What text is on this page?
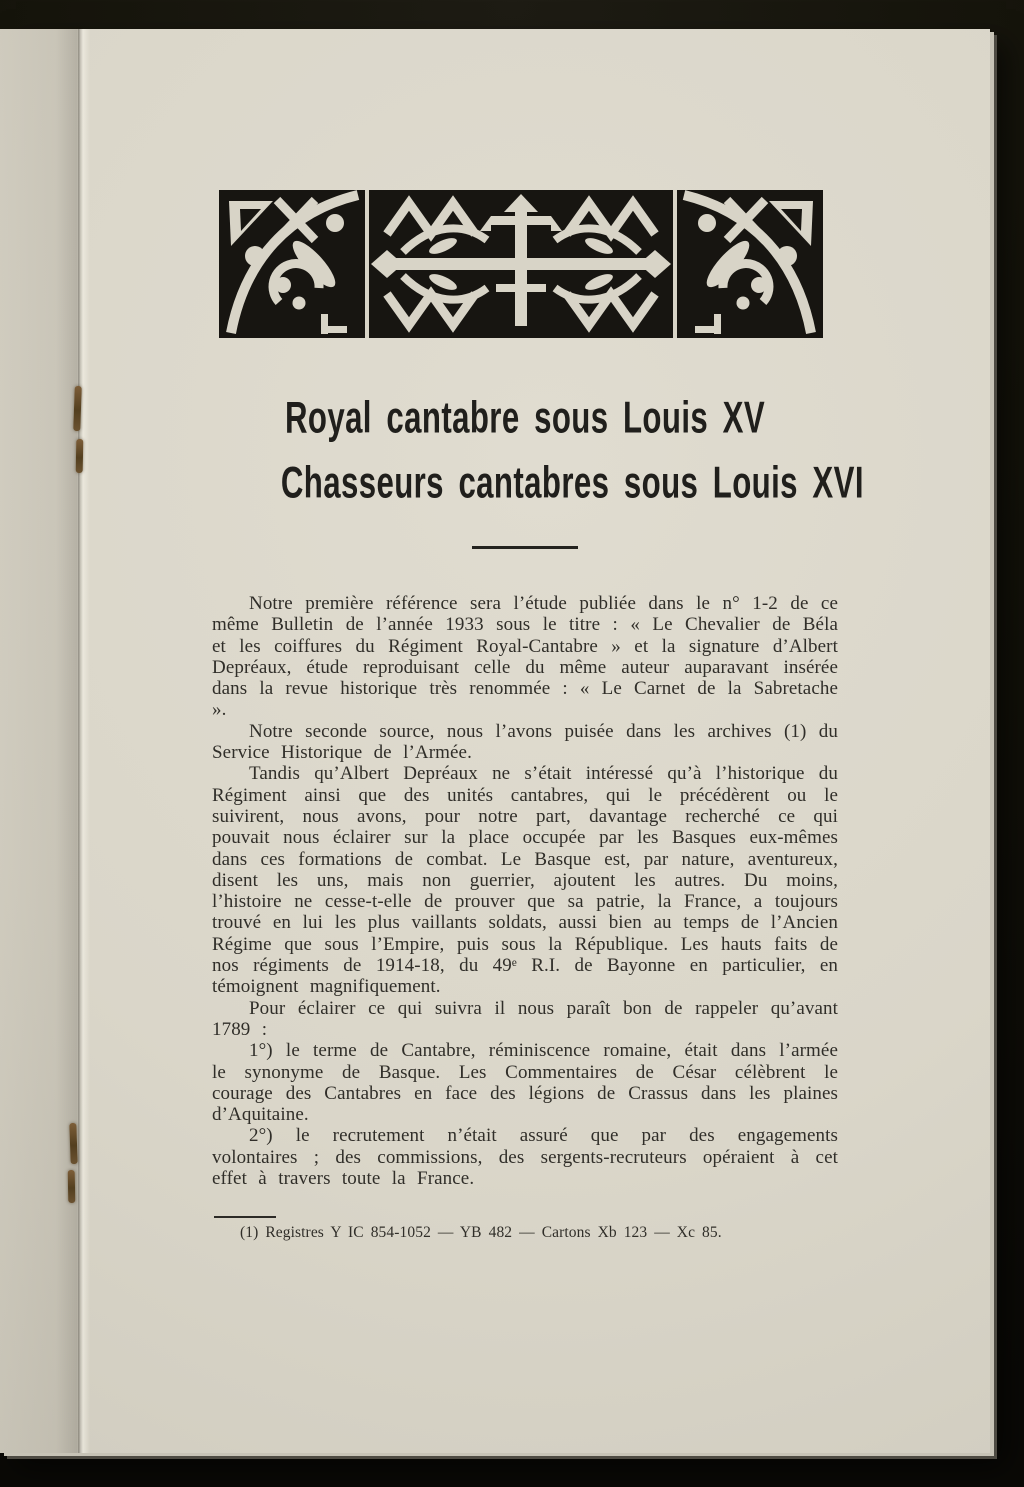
Royal cantabre sous Louis XV
Chasseurs cantabres sous Louis XVI

Notre première référence sera l’étude publiée dans le n° 1-2 de ce même Bulletin de l’année 1933 sous le titre : « Le Chevalier de Béla et les coiffures du Régiment Royal-Cantabre » et la signature d’Albert Depréaux, étude reproduisant celle du même auteur auparavant insérée dans la revue historique très renommée : « Le Carnet de la Sabretache ».

Notre seconde source, nous l’avons puisée dans les archives (1) du Service Historique de l’Armée.

Tandis qu’Albert Depréaux ne s’était intéressé qu’à l’historique du Régiment ainsi que des unités cantabres, qui le précédèrent ou le suivirent, nous avons, pour notre part, davantage recherché ce qui pouvait nous éclairer sur la place occupée par les Basques eux-mêmes dans ces formations de combat. Le Basque est, par nature, aventureux, disent les uns, mais non guerrier, ajoutent les autres. Du moins, l’histoire ne cesse-t-elle de prouver que sa patrie, la France, a toujours trouvé en lui les plus vaillants soldats, aussi bien au temps de l’Ancien Régime que sous l’Empire, puis sous la République. Les hauts faits de nos régiments de 1914-18, du 49ᵉ R.I. de Bayonne en particulier, en témoignent magnifiquement.

Pour éclairer ce qui suivra il nous paraît bon de rappeler qu’avant 1789 :

1°) le terme de Cantabre, réminiscence romaine, était dans l’armée le synonyme de Basque. Les Commentaires de César célèbrent le courage des Cantabres en face des légions de Crassus dans les plaines d’Aquitaine.

2°) le recrutement n’était assuré que par des engagements volontaires ; des commissions, des sergents-recruteurs opéraient à cet effet à travers toute la France.

(1) Registres Y IC 854-1052 — YB 482 — Cartons Xb 123 — Xc 85.
